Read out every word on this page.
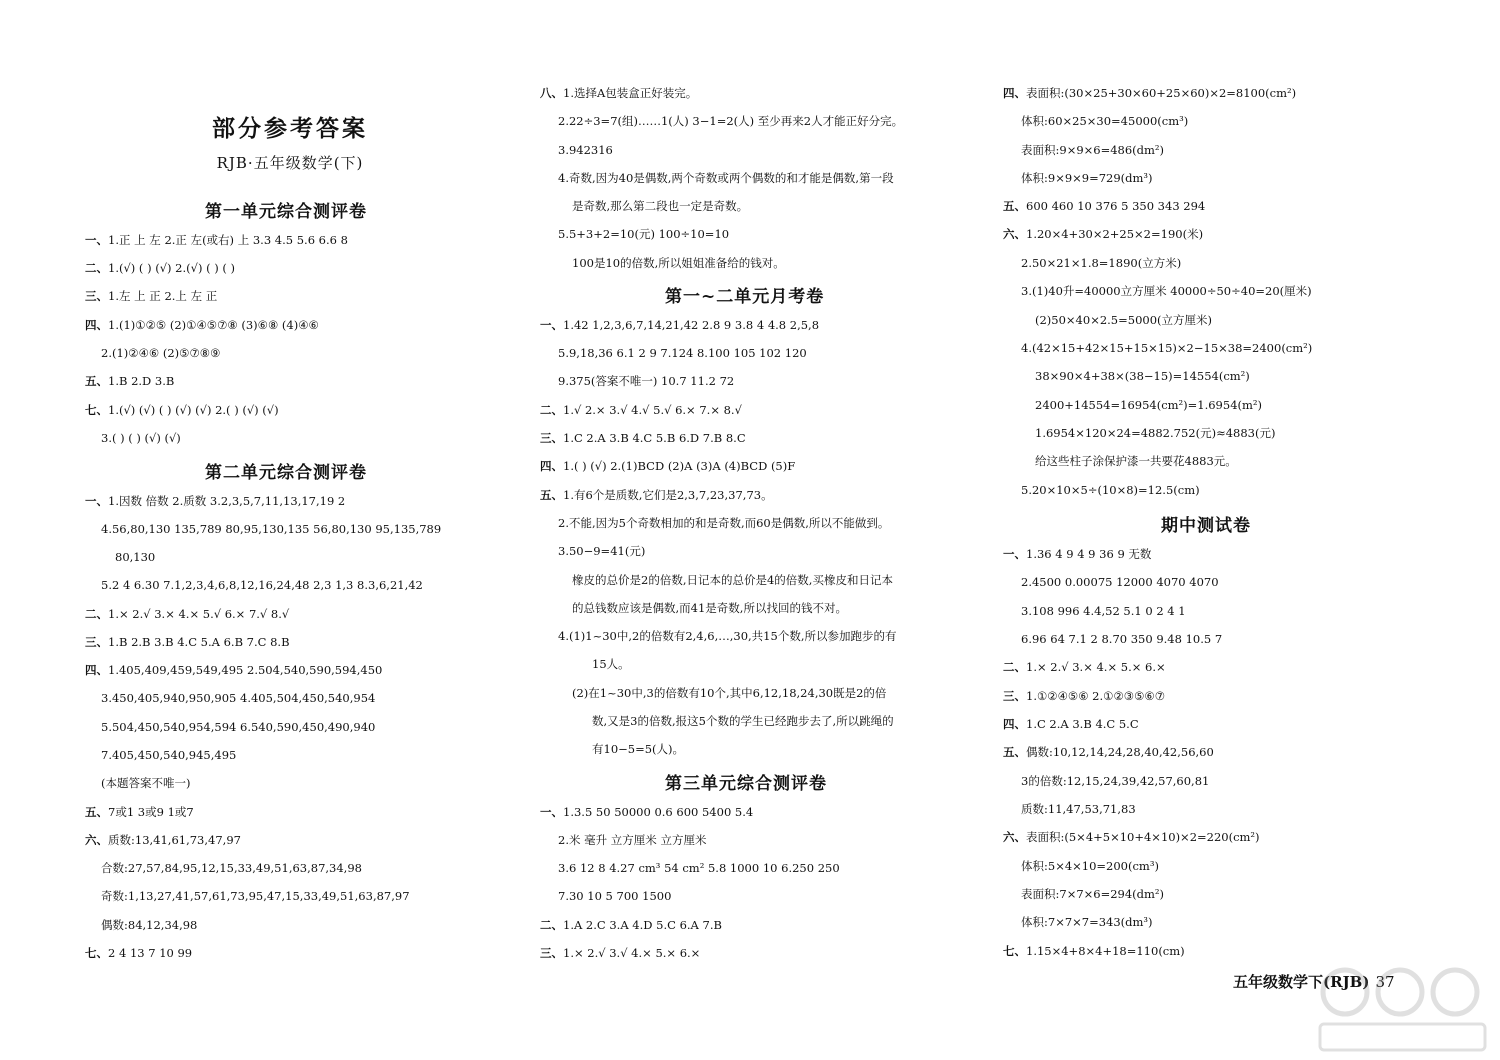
部分参考答案
RJB·五年级数学(下)
第一单元综合测评卷
一、1.正 上 左 2.正 左(或右) 上 3.3 4.5 5.6 6.6 8
二、1.(√) ( ) (√) 2.(√) ( ) ( )
三、1.左 上 正 2.上 左 正
四、1.(1)①②⑤ (2)①④⑤⑦⑧ (3)⑥⑧ (4)④⑥
2.(1)②④⑥ (2)⑤⑦⑧⑨
五、1.B 2.D 3.B
七、1.(√) (√) ( ) (√) (√) 2.( ) (√) (√)
3.( ) ( ) (√) (√)
第二单元综合测评卷
一、1.因数 倍数 2.质数 3.2,3,5,7,11,13,17,19 2
4.56,80,130 135,789 80,95,130,135 56,80,130 95,135,789
80,130
5.2 4 6.30 7.1,2,3,4,6,8,12,16,24,48 2,3 1,3 8.3,6,21,42
二、1.× 2.√ 3.× 4.× 5.√ 6.× 7.√ 8.√
三、1.B 2.B 3.B 4.C 5.A 6.B 7.C 8.B
四、1.405,409,459,549,495 2.504,540,590,594,450
3.450,405,940,950,905 4.405,504,450,540,954
5.504,450,540,954,594 6.540,590,450,490,940
7.405,450,540,945,495
(本题答案不唯一)
五、7或1 3或9 1或7
六、质数:13,41,61,73,47,97
合数:27,57,84,95,12,15,33,49,51,63,87,34,98
奇数:1,13,27,41,57,61,73,95,47,15,33,49,51,63,87,97
偶数:84,12,34,98
七、2 4 13 7 10 99
八、1.选择A包装盒正好装完。
2.22÷3=7(组)……1(人) 3−1=2(人) 至少再来2人才能正好分完。
3.942316
4.奇数,因为40是偶数,两个奇数或两个偶数的和才能是偶数,第一段
是奇数,那么第二段也一定是奇数。
5.5+3+2=10(元) 100÷10=10
100是10的倍数,所以姐姐准备给的钱对。
第一~二单元月考卷
一、1.42 1,2,3,6,7,14,21,42 2.8 9 3.8 4 4.8 2,5,8
5.9,18,36 6.1 2 9 7.124 8.100 105 102 120
9.375(答案不唯一) 10.7 11.2 72
二、1.√ 2.× 3.√ 4.√ 5.√ 6.× 7.× 8.√
三、1.C 2.A 3.B 4.C 5.B 6.D 7.B 8.C
四、1.( ) (√) 2.(1)BCD (2)A (3)A (4)BCD (5)F
五、1.有6个是质数,它们是2,3,7,23,37,73。
2.不能,因为5个奇数相加的和是奇数,而60是偶数,所以不能做到。
3.50−9=41(元)
橡皮的总价是2的倍数,日记本的总价是4的倍数,买橡皮和日记本
的总钱数应该是偶数,而41是奇数,所以找回的钱不对。
4.(1)1~30中,2的倍数有2,4,6,…,30,共15个数,所以参加跑步的有
15人。
(2)在1~30中,3的倍数有10个,其中6,12,18,24,30既是2的倍
数,又是3的倍数,报这5个数的学生已经跑步去了,所以跳绳的
有10−5=5(人)。
第三单元综合测评卷
一、1.3.5 50 50000 0.6 600 5400 5.4
2.米 毫升 立方厘米 立方厘米
3.6 12 8 4.27 cm³ 54 cm² 5.8 1000 10 6.250 250
7.30 10 5 700 1500
二、1.A 2.C 3.A 4.D 5.C 6.A 7.B
三、1.× 2.√ 3.√ 4.× 5.× 6.×
四、表面积:(30×25+30×60+25×60)×2=8100(cm²)
体积:60×25×30=45000(cm³)
表面积:9×9×6=486(dm²)
体积:9×9×9=729(dm³)
五、600 460 10 376 5 350 343 294
六、1.20×4+30×2+25×2=190(米)
2.50×21×1.8=1890(立方米)
3.(1)40升=40000立方厘米 40000÷50÷40=20(厘米)
(2)50×40×2.5=5000(立方厘米)
4.(42×15+42×15+15×15)×2−15×38=2400(cm²)
38×90×4+38×(38−15)=14554(cm²)
2400+14554=16954(cm²)=1.6954(m²)
1.6954×120×24=4882.752(元)≈4883(元)
给这些柱子涂保护漆一共要花4883元。
5.20×10×5÷(10×8)=12.5(cm)
期中测试卷
一、1.36 4 9 4 9 36 9 无数
2.4500 0.00075 12000 4070 4070
3.108 996 4.4,52 5.1 0 2 4 1
6.96 64 7.1 2 8.70 350 9.48 10.5 7
二、1.× 2.√ 3.× 4.× 5.× 6.×
三、1.①②④⑤⑥ 2.①②③⑤⑥⑦
四、1.C 2.A 3.B 4.C 5.C
五、偶数:10,12,14,24,28,40,42,56,60
3的倍数:12,15,24,39,42,57,60,81
质数:11,47,53,71,83
六、表面积:(5×4+5×10+4×10)×2=220(cm²)
体积:5×4×10=200(cm³)
表面积:7×7×6=294(dm²)
体积:7×7×7=343(dm³)
七、1.15×4+8×4+18=110(cm)
五年级数学下(RJB) 37
